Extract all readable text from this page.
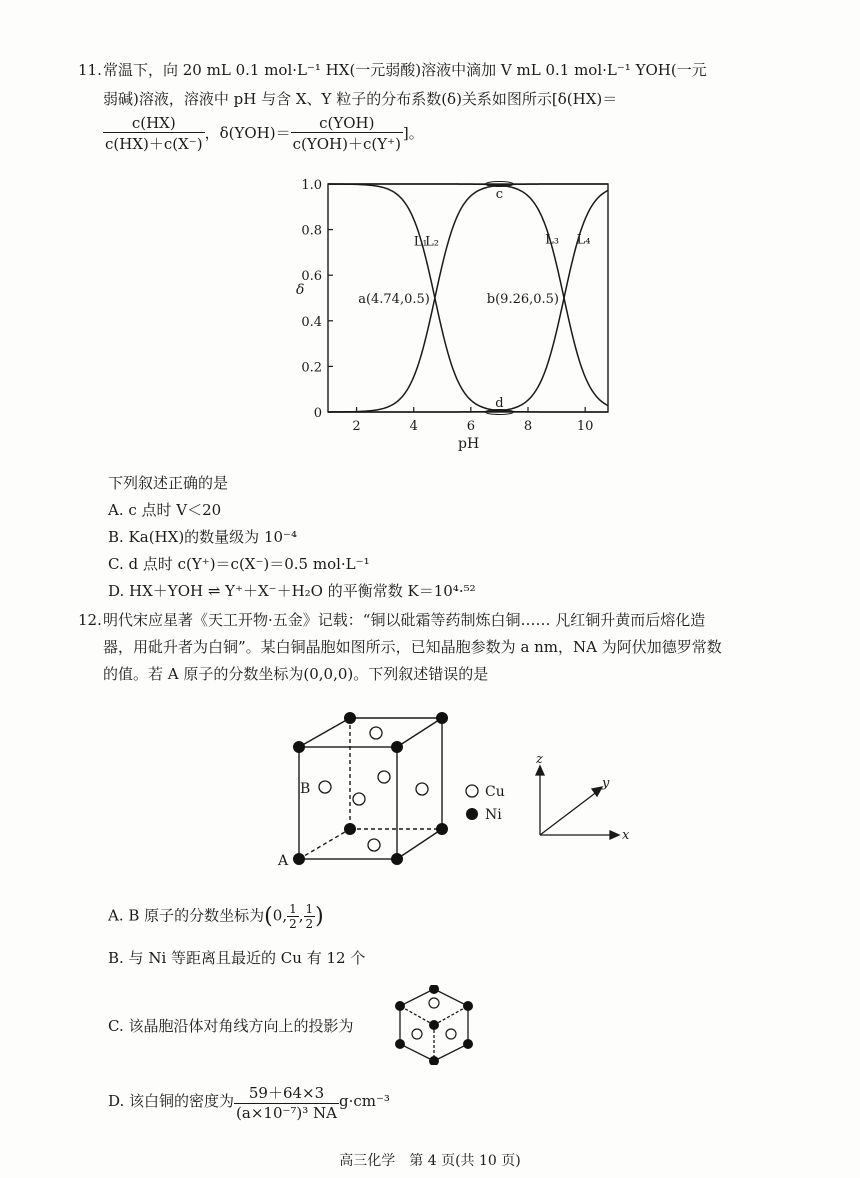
11. 常温下，向 20 mL 0.1 mol·L⁻¹ HX(一元弱酸)溶液中滴加 V mL 0.1 mol·L⁻¹ YOH(一元
弱碱)溶液，溶液中 pH 与含 X、Y 粒子的分布系数(δ)关系如图所示[δ(HX)＝
$\frac{c(HX)}{c(HX)+c(X^-)}$ ，$\delta(YOH)= \frac{\text{c(YOH)}}{\text{c(YOH)＋c(Y⁺)}}$ ]。
2	4	6	8	10
0
0.2
0.4
0.6
0.8
1.0
pH
δ
L₁
L₂	L₃ L₄
a(4.74,0.5)	b(9.26,0.5)
c
d
下列叙述正确的是
A. c 点时 V＜20
B. Ka(HX)的数量级为 10⁻⁴
C. d 点时 c(Y⁺)＝c(X⁻)＝0.5 mol·L⁻¹
D. HX＋YOH ⇌ Y⁺＋X⁻＋H₂O 的平衡常数 K＝10⁴·⁵²
12. 明代宋应星著《天工开物·五金》记载：“铜以砒霜等药制炼白铜…… 凡红铜升黄而后熔化造
器，用砒升者为白铜”。某白铜晶胞如图所示，已知晶胞参数为 a nm，NA 为阿伏加德罗常数
的值。若 A 原子的分数坐标为(0,0,0)。下列叙述错误的是
B
A
Cu
Ni
z
x
y
A. B 原子的分数坐标为(0, $\frac{1}{2}$ , $\frac{1}{2}$ )
B. 与 Ni 等距离且最近的 Cu 有 12 个
C. 该晶胞沿体对角线方向上的投影为
D. 该白铜的密度为 $\frac{59+64\times 3}{\text{(a×10⁻⁷)³ NA}} g\cdot cm^{-3}$
高三化学　第 4 页(共 10 页)
